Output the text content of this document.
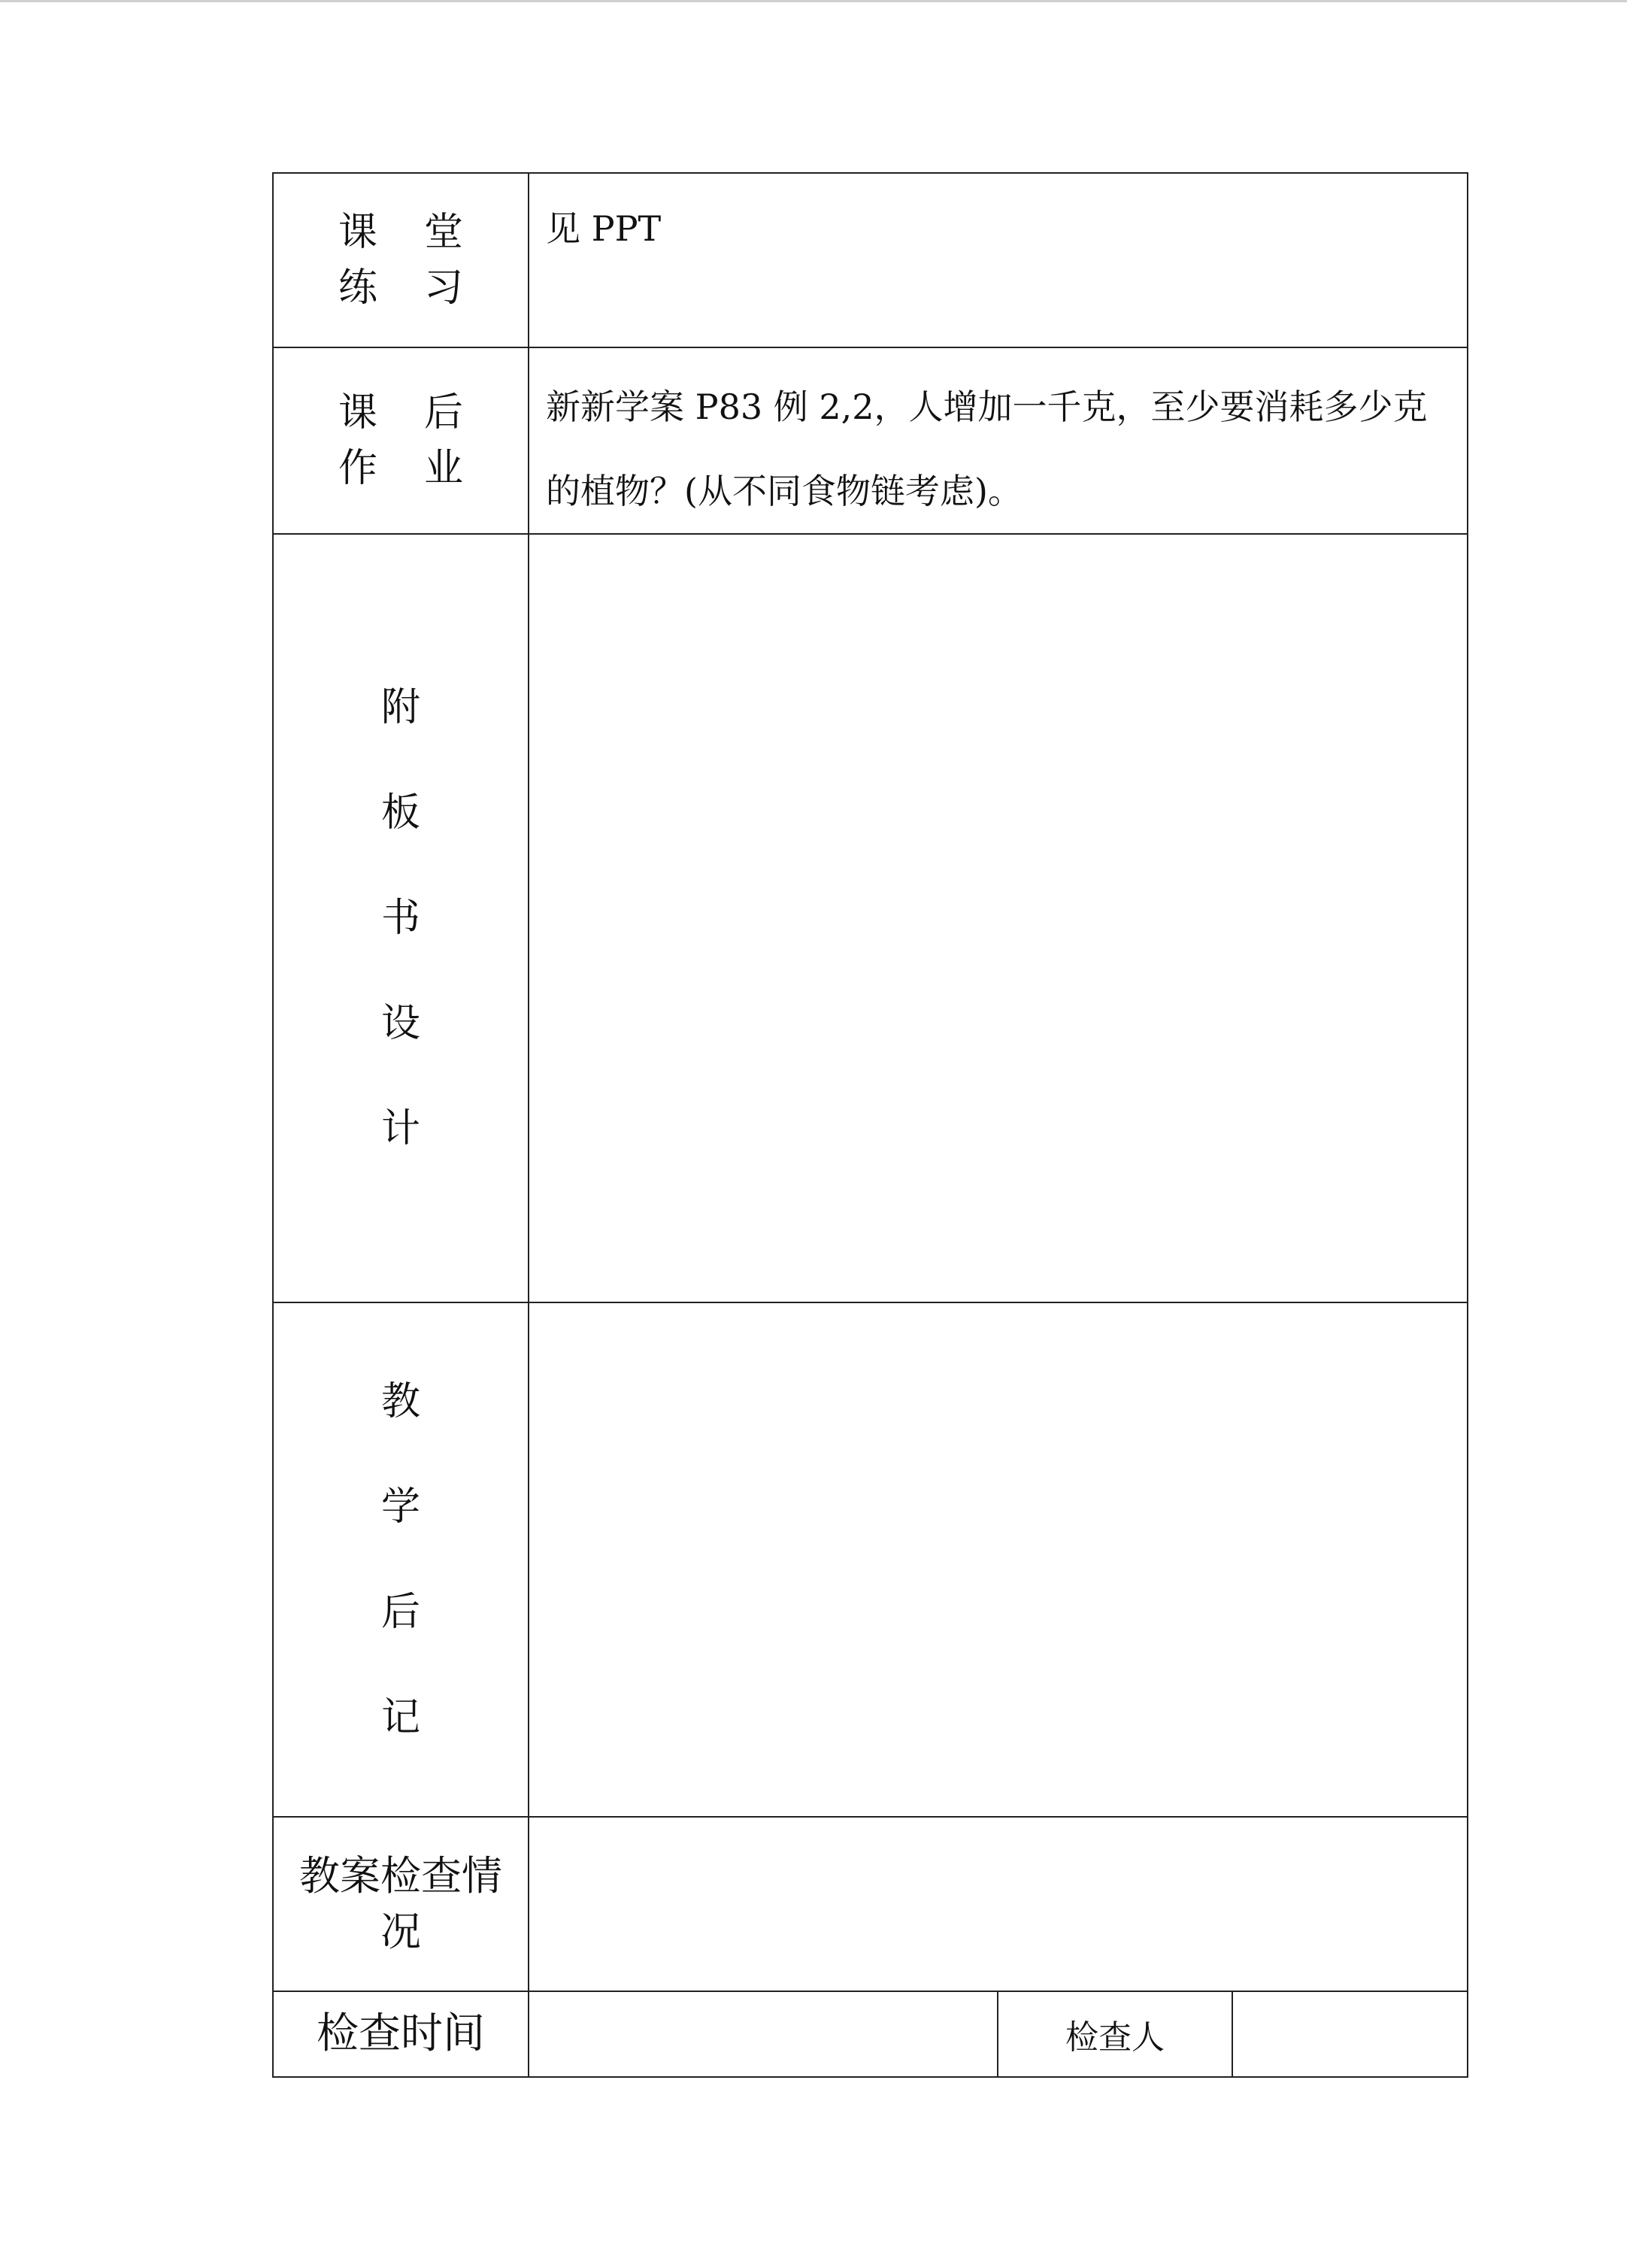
课堂
练习	见 PPT		

课后
作业	新新学案 P83 例 2,2，人增加一千克，至少要消耗多少克的植物？(从不同食物链考虑)。		

附板书设计			

教学后记			

教案检查情况			

检查时间		检查人	
